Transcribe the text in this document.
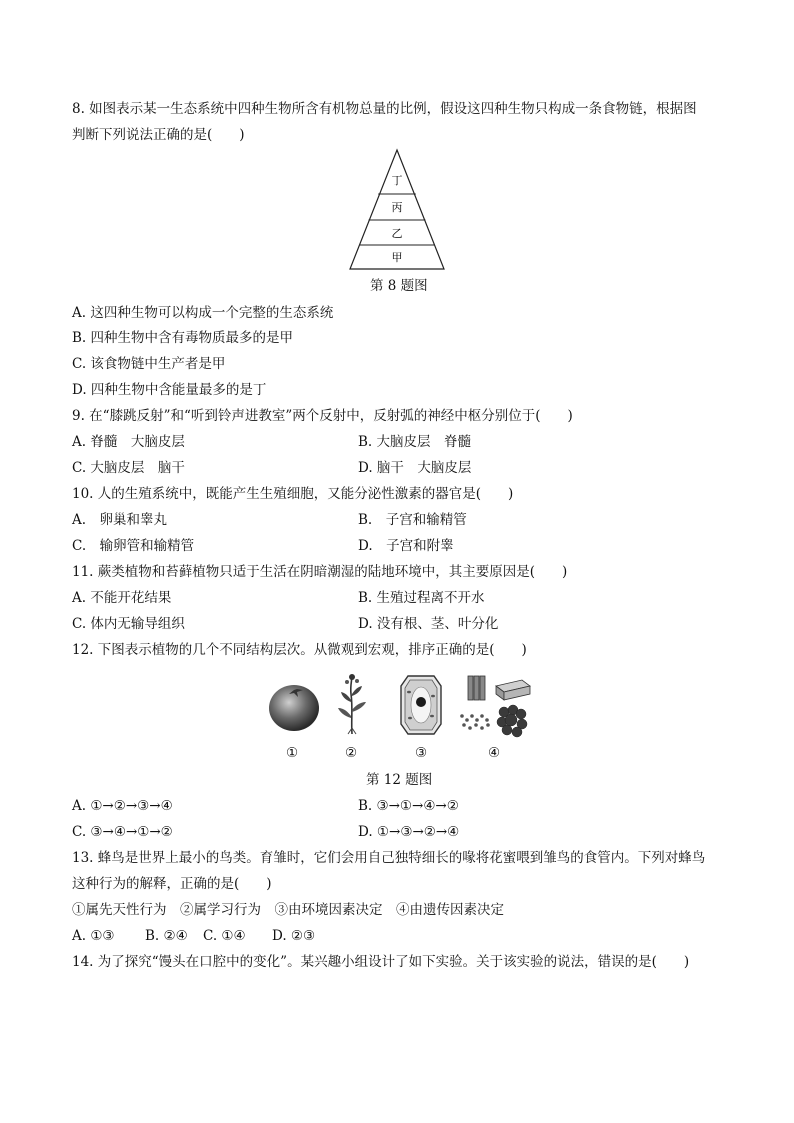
8. 如图表示某一生态系统中四种生物所含有机物总量的比例，假设这四种生物只构成一条食物链，根据图
判断下列说法正确的是(　　)
丁
丙
乙
甲
第 8 题图
A. 这四种生物可以构成一个完整的生态系统
B. 四种生物中含有毒物质最多的是甲
C. 该食物链中生产者是甲
D. 四种生物中含能量最多的是丁
9. 在“膝跳反射”和“听到铃声进教室”两个反射中，反射弧的神经中枢分别位于(　　)
A. 脊髓　大脑皮层	B. 大脑皮层　脊髓
C. 大脑皮层　脑干	D. 脑干　大脑皮层
10. 人的生殖系统中，既能产生生殖细胞，又能分泌性激素的器官是(　　)
A.　卵巢和睾丸	B.　子宫和输精管
C.　输卵管和输精管	D.　子宫和附睾
11. 蕨类植物和苔藓植物只适于生活在阴暗潮湿的陆地环境中，其主要原因是(　　)
A. 不能开花结果	B. 生殖过程离不开水
C. 体内无输导组织	D. 没有根、茎、叶分化
12. 下图表示植物的几个不同结构层次。从微观到宏观，排序正确的是(　　)
①	②	③	④
第 12 题图
A. ①→②→③→④	B. ③→①→④→②
C. ③→④→①→②	D. ①→③→②→④
13. 蜂鸟是世界上最小的鸟类。育雏时，它们会用自己独特细长的喙将花蜜喂到雏鸟的食管内。下列对蜂鸟
这种行为的解释，正确的是(　　)
①属先天性行为　②属学习行为　③由环境因素决定　④由遗传因素决定
A. ①③ B. ②④ C. ①④ D. ②③
14. 为了探究“馒头在口腔中的变化”。某兴趣小组设计了如下实验。关于该实验的说法，错误的是(　　)
